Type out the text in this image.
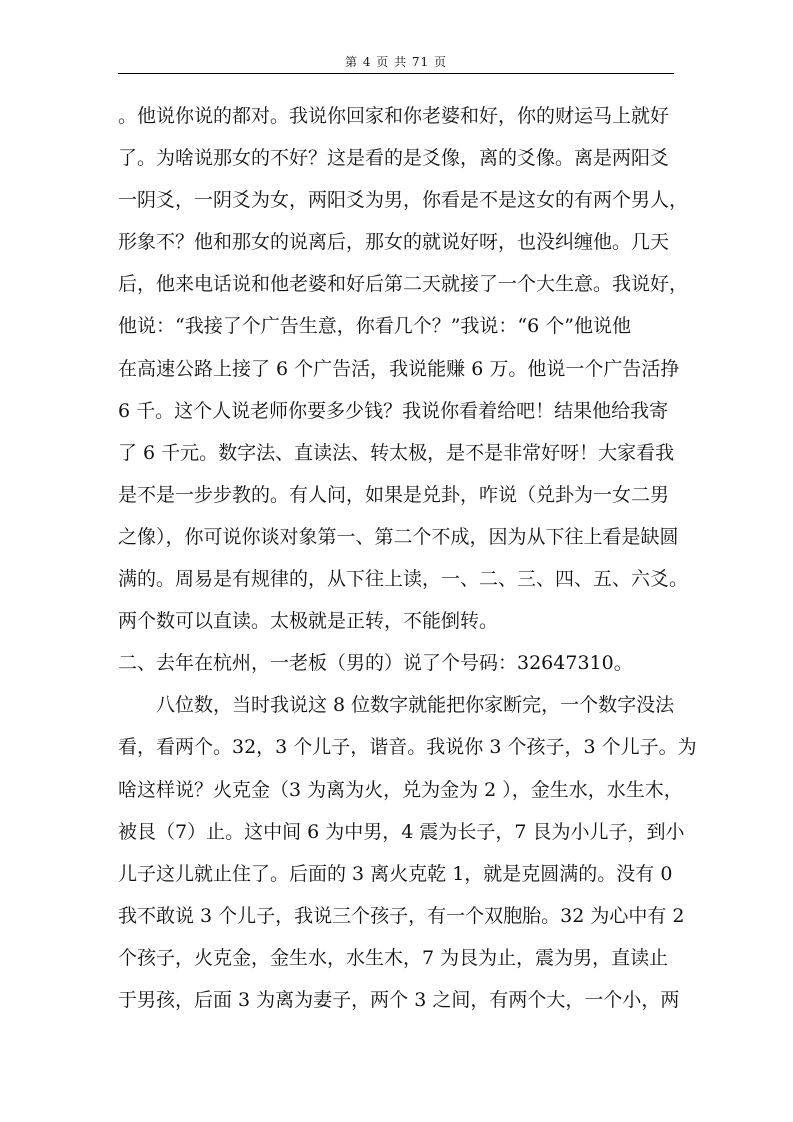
第 4 页 共 71 页
。他说你说的都对。我说你回家和你老婆和好，你的财运马上就好
了。为啥说那女的不好？这是看的是爻像，离的爻像。离是两阳爻
一阴爻，一阴爻为女，两阳爻为男，你看是不是这女的有两个男人，
形象不？他和那女的说离后，那女的就说好呀，也没纠缠他。几天
后，他来电话说和他老婆和好后第二天就接了一个大生意。我说好，
他说：“我接了个广告生意，你看几个？”我说：“6 个”他说他
在高速公路上接了 6 个广告活，我说能赚 6 万。他说一个广告活挣
6 千。这个人说老师你要多少钱？我说你看着给吧！结果他给我寄
了 6 千元。数字法、直读法、转太极，是不是非常好呀！大家看我
是不是一步步教的。有人问，如果是兑卦，咋说（兑卦为一女二男
之像），你可说你谈对象第一、第二个不成，因为从下往上看是缺圆
满的。周易是有规律的，从下往上读，一、二、三、四、五、六爻。
两个数可以直读。太极就是正转，不能倒转。
二、去年在杭州，一老板（男的）说了个号码：32647310。
八位数，当时我说这 8 位数字就能把你家断完，一个数字没法
看，看两个。32，3 个儿子，谐音。我说你 3 个孩子，3 个儿子。为
啥这样说？火克金（3 为离为火，兑为金为 2 ），金生水，水生木，
被艮（7）止。这中间 6 为中男，4 震为长子，7 艮为小儿子，到小
儿子这儿就止住了。后面的 3 离火克乾 1，就是克圆满的。没有 0
我不敢说 3 个儿子，我说三个孩子，有一个双胞胎。32 为心中有 2
个孩子，火克金，金生水，水生木，7 为艮为止，震为男，直读止
于男孩，后面 3 为离为妻子，两个 3 之间，有两个大，一个小，两
